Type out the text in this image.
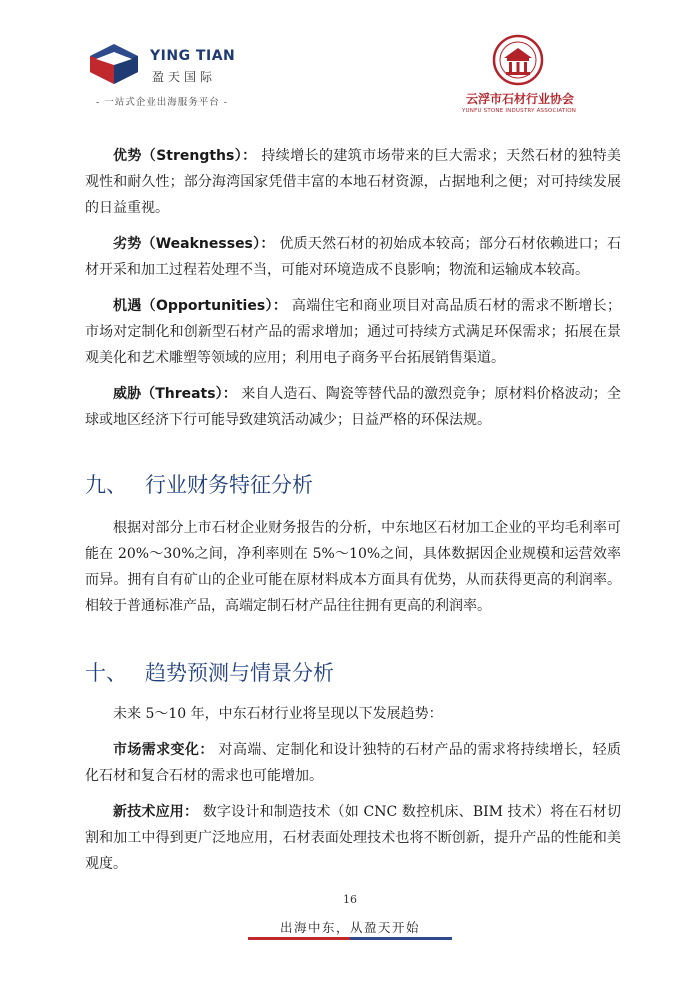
YING TIAN
盈天国际
- 一站式企业出海服务平台 -	云浮市石材行业协会
YUNFU STONE INDUSTRY ASSOCIATION

优势（Strengths）： 持续增长的建筑市场带来的巨大需求；天然石材的独特美观性和耐久性；部分海湾国家凭借丰富的本地石材资源，占据地利之便；对可持续发展的日益重视。

劣势（Weaknesses）： 优质天然石材的初始成本较高；部分石材依赖进口；石材开采和加工过程若处理不当，可能对环境造成不良影响；物流和运输成本较高。

机遇（Opportunities）： 高端住宅和商业项目对高品质石材的需求不断增长；市场对定制化和创新型石材产品的需求增加；通过可持续方式满足环保需求；拓展在景观美化和艺术雕塑等领域的应用；利用电子商务平台拓展销售渠道。

威胁（Threats）： 来自人造石、陶瓷等替代品的激烈竞争；原材料价格波动；全球或地区经济下行可能导致建筑活动减少；日益严格的环保法规。

九、 行业财务特征分析

根据对部分上市石材企业财务报告的分析，中东地区石材加工企业的平均毛利率可能在 20%～30%之间，净利率则在 5%～10%之间，具体数据因企业规模和运营效率而异。拥有自有矿山的企业可能在原材料成本方面具有优势，从而获得更高的利润率。相较于普通标准产品，高端定制石材产品往往拥有更高的利润率。

十、 趋势预测与情景分析

未来 5～10 年，中东石材行业将呈现以下发展趋势：

市场需求变化： 对高端、定制化和设计独特的石材产品的需求将持续增长，轻质化石材和复合石材的需求也可能增加。

新技术应用： 数字设计和制造技术（如 CNC 数控机床、BIM 技术）将在石材切割和加工中得到更广泛地应用，石材表面处理技术也将不断创新，提升产品的性能和美观度。

16
出海中东，从盈天开始
